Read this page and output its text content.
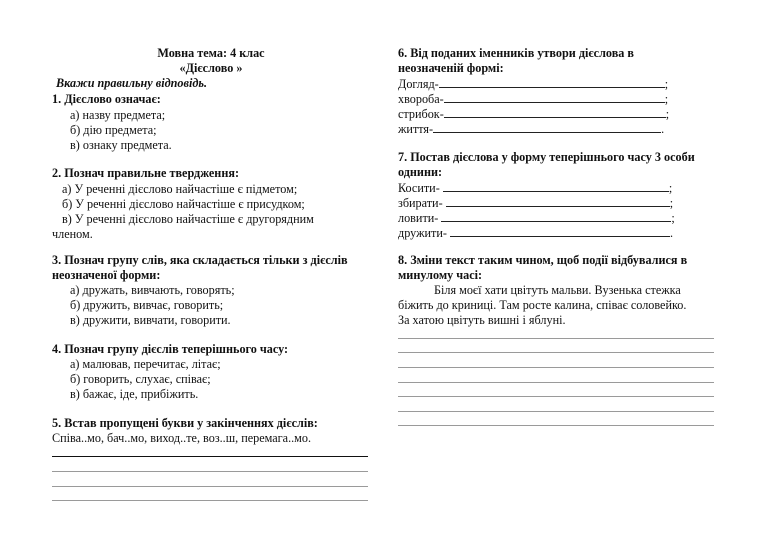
Мовна тема: 4 клас
«Дієслово »
Вкажи правильну відповідь.
1. Дієслово означає:
а) назву предмета;
б) дію предмета;
в) ознаку предмета.
2. Познач правильне твердження:
а) У реченні дієслово найчастіше є підметом;
б) У реченні дієслово найчастіше є присудком;
в) У реченні дієслово найчастіше є другорядним
членом.
3. Познач групу слів, яка складається тільки з дієслів
неозначеної форми:
а) дружать, вивчають, говорять;
б) дружить, вивчає, говорить;
в) дружити, вивчати, говорити.
4. Познач групу дієслів теперішнього часу:
а) малював, перечитає, літає;
б) говорить, слухає, співає;
в) бажає, іде, прибіжить.
5. Встав пропущені букви у закінченнях дієслів:
Співа..мо, бач..мо, виход..те, воз..ш, перемага..мо.
6. Від поданих іменників утвори дієслова в
неозначеній формі:
Догляд-	;
хвороба-	;
стрибок-	;
життя-	.
7. Постав дієслова у форму теперішнього часу 3 особи
однини:
Косити-	;
збирати-	;
ловити-	;
дружити-	.
8. Зміни текст таким чином, щоб події відбувалися в
минулому часі:
Біля моєї хати цвітуть мальви. Вузенька стежка
біжить до криниці. Там росте калина, співає соловейко.
За хатою цвітуть вишні і яблуні.
